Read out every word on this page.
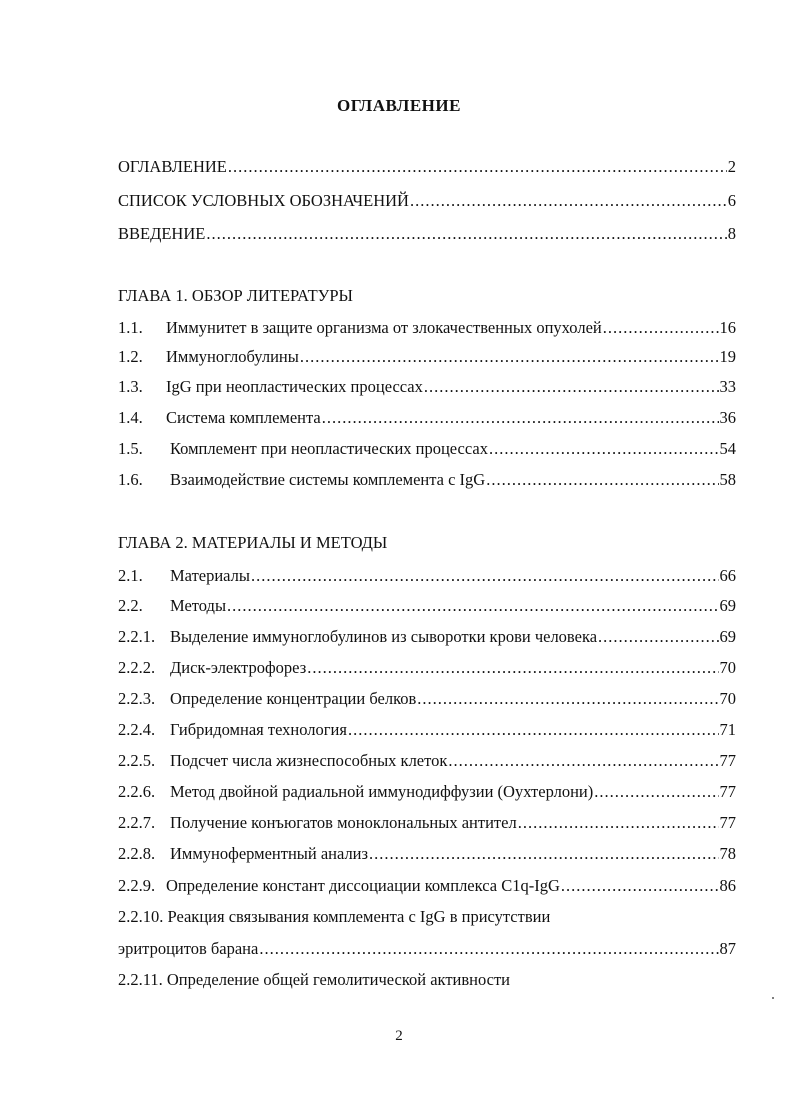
ОГЛАВЛЕНИЕ
ОГЛАВЛЕНИЕ .....	2
СПИСОК УСЛОВНЫХ ОБОЗНАЧЕНИЙ .....	6
ВВЕДЕНИЕ .....	8
ГЛАВА 1. ОБЗОР ЛИТЕРАТУРЫ
1.1.	Иммунитет в защите организма от злокачественных опухолей .....	16
1.2.	Иммуноглобулины .....	19
1.3.	IgG при неопластических процессах .....	33
1.4.	Система комплемента .....	36
1.5.	Комплемент при неопластических процессах .....	54
1.6.	Взаимодействие системы комплемента с IgG .....	58
ГЛАВА 2. МАТЕРИАЛЫ И МЕТОДЫ
2.1.	Материалы .....	66
2.2.	Методы .....	69
2.2.1. Выделение иммуноглобулинов из сыворотки крови человека .....	69
2.2.2. Диск-электрофорез .....	70
2.2.3. Определение концентрации белков .....	70
2.2.4. Гибридомная технология .....	71
2.2.5. Подсчет числа жизнеспособных клеток .....	77
2.2.6. Метод двойной радиальной иммунодиффузии (Оухтерлони) .....	77
2.2.7. Получение конъюгатов моноклональных антител .....	77
2.2.8. Иммуноферментный анализ .....	78
2.2.9. Определение констант диссоциации комплекса C1q-IgG .....	86
2.2.10. Реакция связывания комплемента с IgG в присутствии
эритроцитов барана .....	87
2.2.11. Определение общей гемолитической активности
2
